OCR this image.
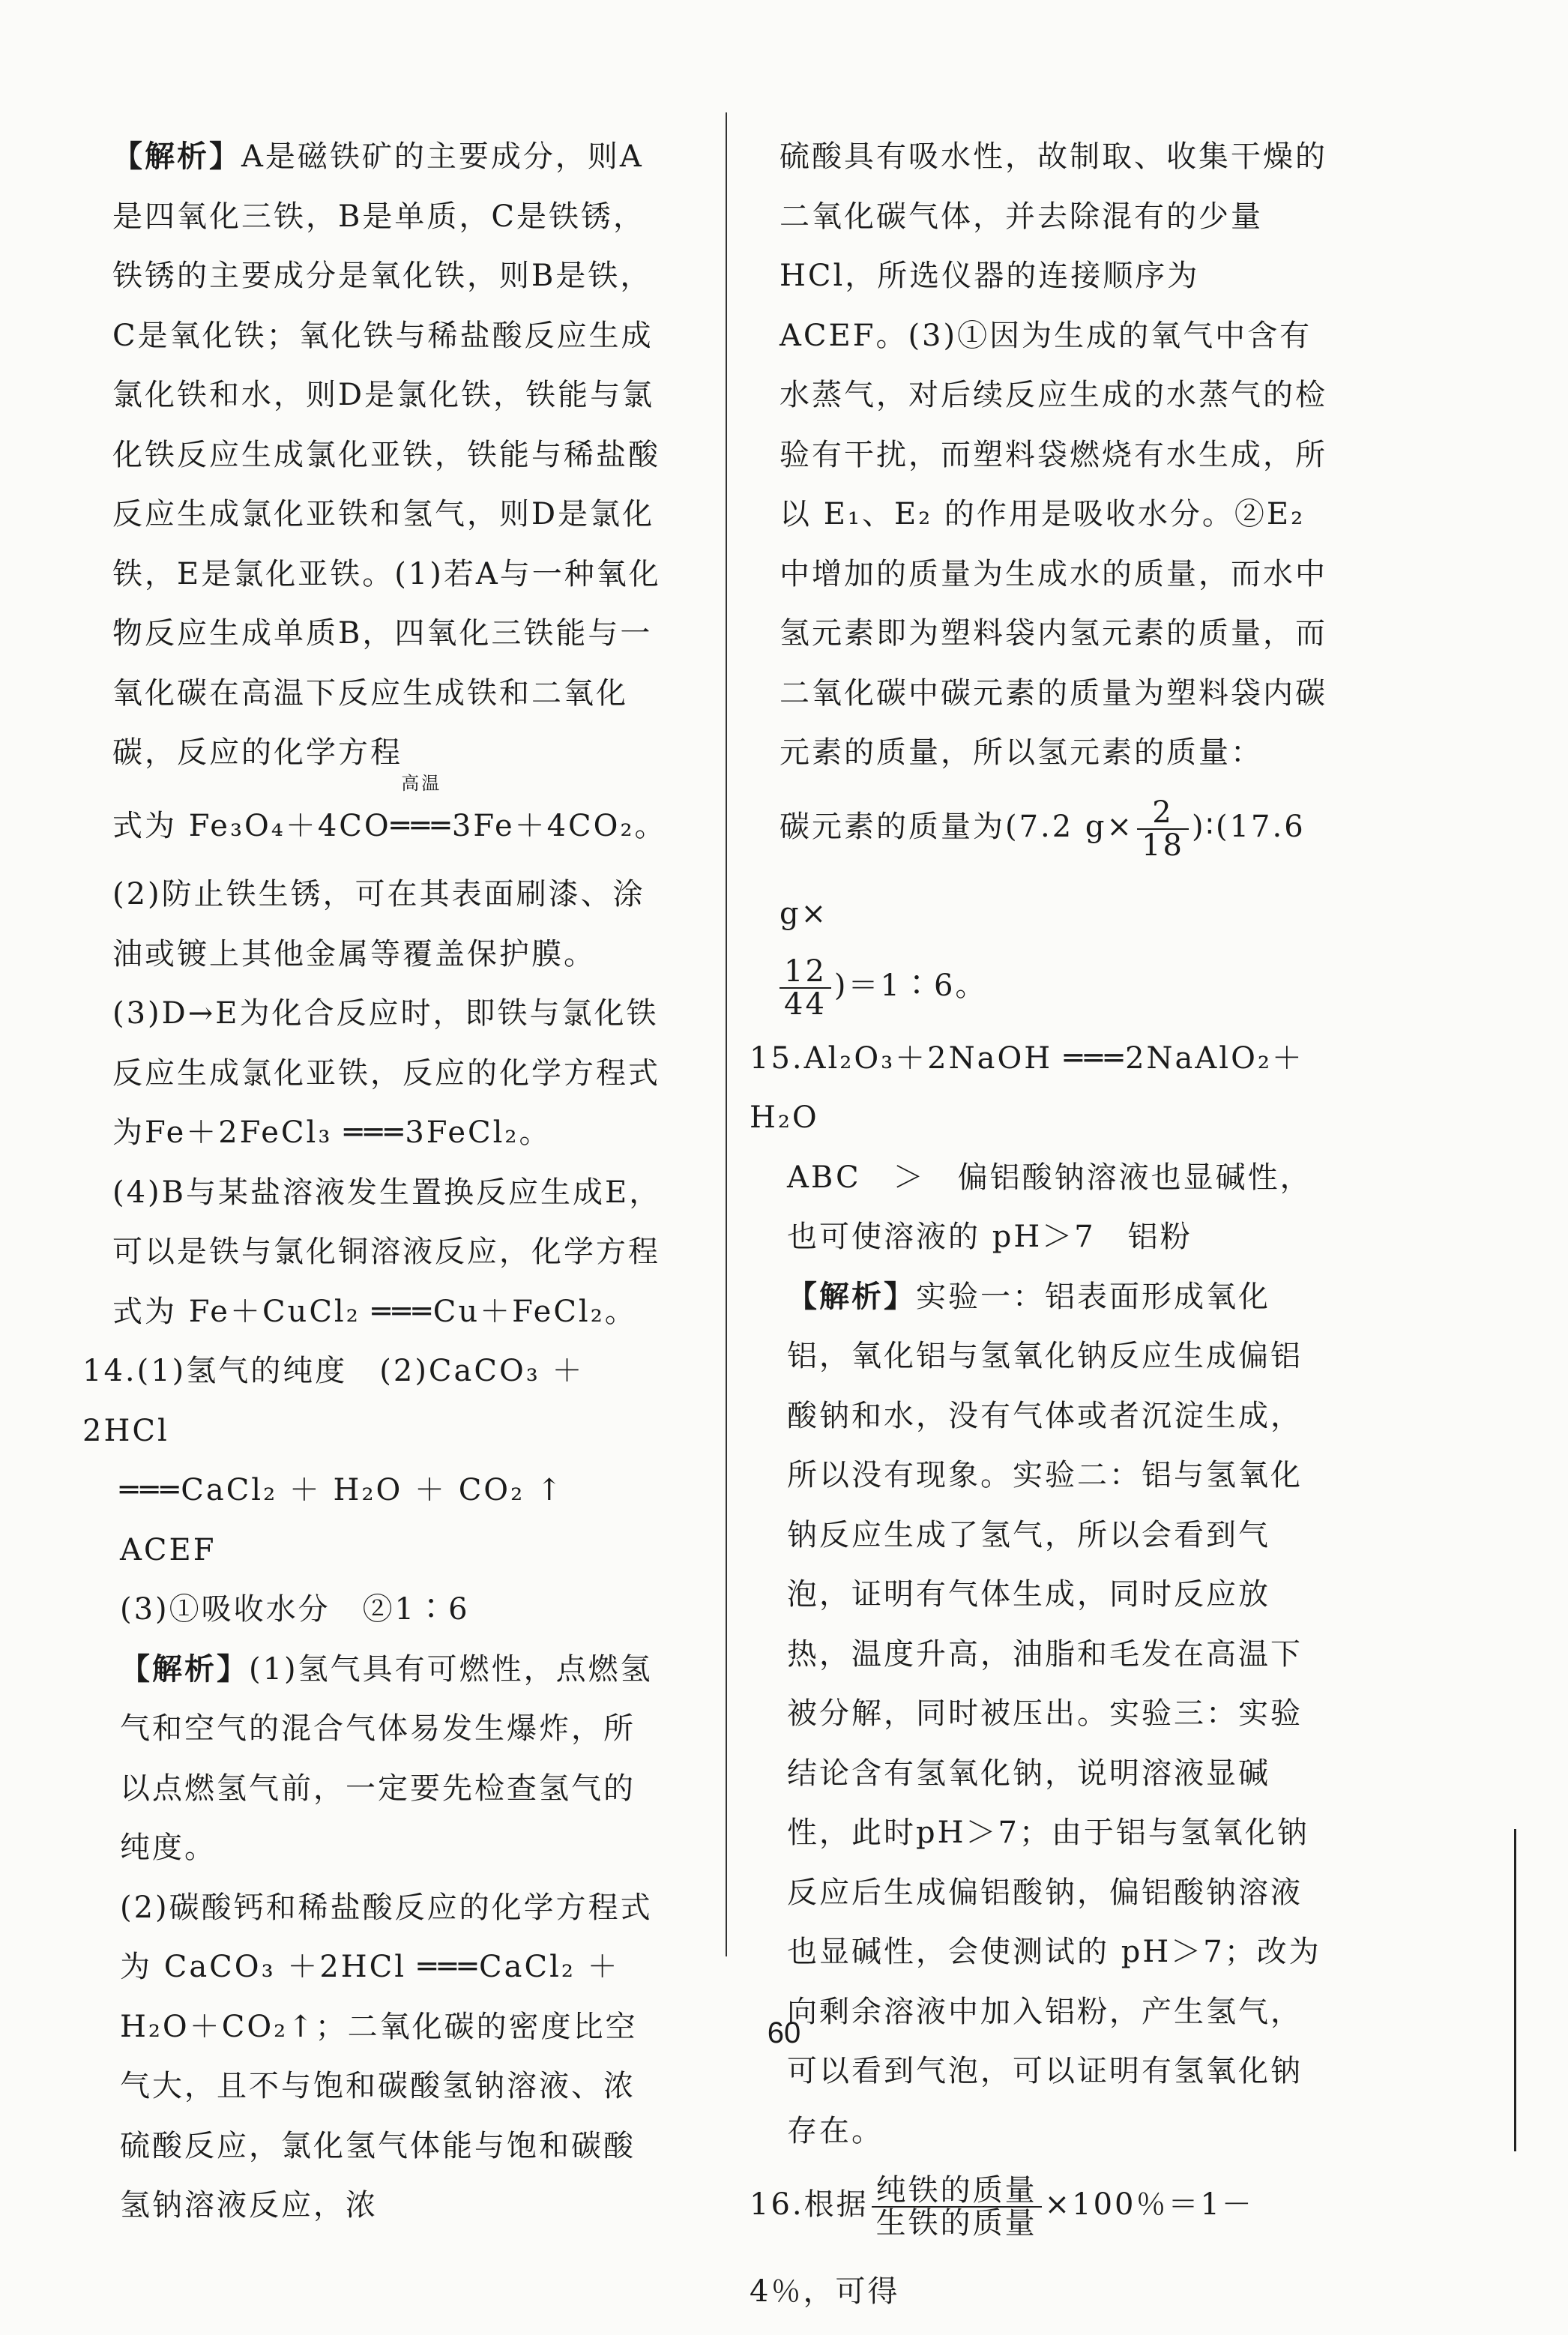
【解析】A是磁铁矿的主要成分，则A是四氧化三铁，B是单质，C是铁锈，铁锈的主要成分是氧化铁，则B是铁，C是氧化铁；氧化铁与稀盐酸反应生成氯化铁和水，则D是氯化铁，铁能与氯化铁反应生成氯化亚铁，铁能与稀盐酸反应生成氯化亚铁和氢气，则D是氯化铁，E是氯化亚铁。(1)若A与一种氧化物反应生成单质B，四氧化三铁能与一氧化碳在高温下反应生成铁和二氧化碳，反应的化学方程

式为 Fe₃O₄＋4CO
高温
═══3Fe＋4CO₂。

(2)防止铁生锈，可在其表面刷漆、涂油或镀上其他金属等覆盖保护膜。

(3)D→E为化合反应时，即铁与氯化铁反应生成氯化亚铁，反应的化学方程式为Fe＋2FeCl₃ ═══3FeCl₂。

(4)B与某盐溶液发生置换反应生成E，可以是铁与氯化铜溶液反应，化学方程式为 Fe＋CuCl₂ ═══Cu＋FeCl₂。

14.(1)氢气的纯度　(2)CaCO₃ ＋2HCl

═══CaCl₂ ＋ H₂O ＋ CO₂ ↑　 ACEF

(3)①吸收水分　②1∶6

【解析】(1)氢气具有可燃性，点燃氢气和空气的混合气体易发生爆炸，所以点燃氢气前，一定要先检查氢气的纯度。

(2)碳酸钙和稀盐酸反应的化学方程式为 CaCO₃ ＋2HCl ═══CaCl₂ ＋ H₂O＋CO₂↑；二氧化碳的密度比空气大，且不与饱和碳酸氢钠溶液、浓硫酸反应，氯化氢气体能与饱和碳酸氢钠溶液反应，浓

硫酸具有吸水性，故制取、收集干燥的二氧化碳气体，并去除混有的少量 HCl，所选仪器的连接顺序为 ACEF。(3)①因为生成的氧气中含有水蒸气，对后续反应生成的水蒸气的检验有干扰，而塑料袋燃烧有水生成，所以 E₁、E₂ 的作用是吸收水分。②E₂ 中增加的质量为生成水的质量，而水中氢元素即为塑料袋内氢元素的质量，而二氧化碳中碳元素的质量为塑料袋内碳元素的质量，所以氢元素的质量：

碳元素的质量为(7.2 $g\times \frac{2}{18}$ )∶(17.6 g×

$\frac{12}{44}$ )＝1∶6。

15.Al₂O₃＋2NaOH ═══2NaAlO₂＋H₂O

ABC　＞　偏铝酸钠溶液也显碱性，也可使溶液的 pH＞7　铝粉

【解析】实验一：铝表面形成氧化铝，氧化铝与氢氧化钠反应生成偏铝酸钠和水，没有气体或者沉淀生成，所以没有现象。实验二：铝与氢氧化钠反应生成了氢气，所以会看到气泡，证明有气体生成，同时反应放热，温度升高，油脂和毛发在高温下被分解，同时被压出。实验三：实验结论含有氢氧化钠，说明溶液显碱性，此时pH＞7；由于铝与氢氧化钠反应后生成偏铝酸钠，偏铝酸钠溶液也显碱性，会使测试的 pH＞7；改为向剩余溶液中加入铝粉，产生氢气，可以看到气泡，可以证明有氢氧化钠存在。

16.根据 $\frac{\text{纯铁的质量}}{\text{生铁的质量}} \times 100$％＝1－4％，可得

60
